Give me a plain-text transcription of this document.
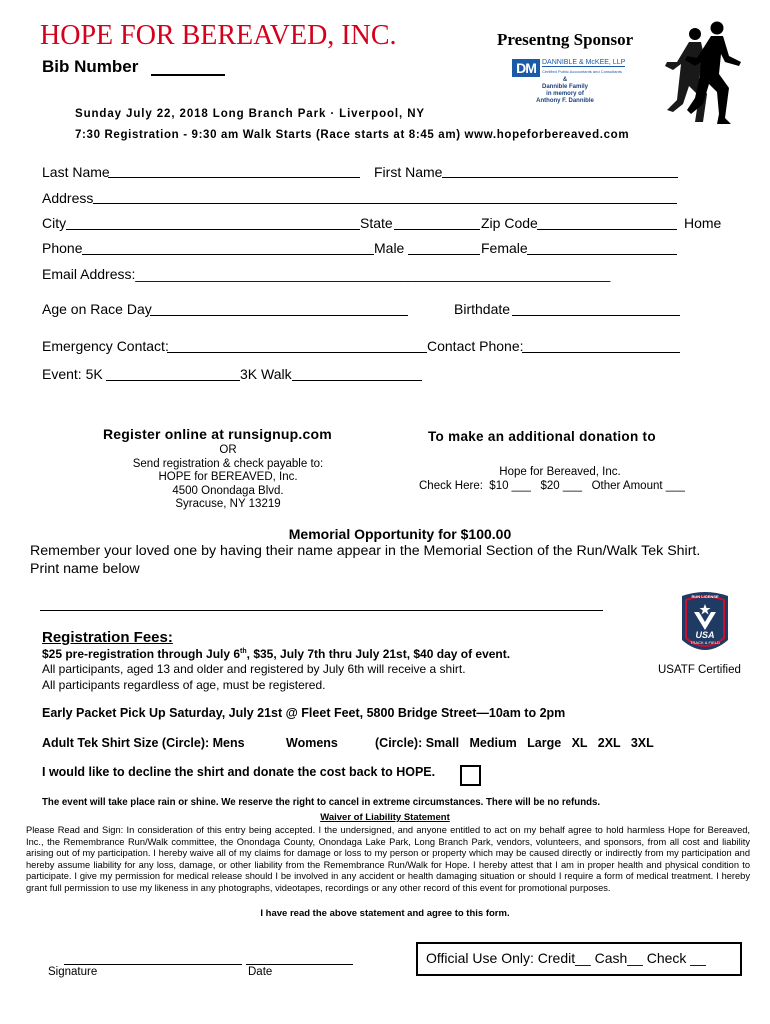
HOPE FOR BEREAVED, INC.	Presentng Sponsor
Bib Number	DM DANNIBLE & McKEE, LLP
Certified Public Accountants and Consultants
&
Dannible Family
in memory of
Anthony F. Dannible
Sunday July 22, 2018 Long Branch Park · Liverpool, NY
7:30 Registration - 9:30 am Walk Starts (Race starts at 8:45 am) www.hopeforbereaved.com
Last Name	First Name
Address
City	State	Zip Code	Home
Phone	Male	Female
Email Address:_____________________________________________________________
Age on Race Day	Birthdate
Emergency Contact:	Contact Phone:
Event: 5K	3K Walk
Register online at runsignup.com
OR
Send registration & check payable to:
HOPE for BEREAVED, Inc.
4500 Onondaga Blvd.
Syracuse, NY 13219
To make an additional donation to
Hope for Bereaved, Inc.
Check Here:  $10 ___   $20 ___   Other Amount ___
Memorial Opportunity for $100.00
Remember your loved one by having their name appear in the Memorial Section of the Run/Walk Tek Shirt.
Print name below
Registration Fees:
$25 pre-registration through July 6th, $35, July 7th thru July 21st, $40 day of event.
All participants, aged 13 and older and registered by July 6th will receive a shirt.
All participants regardless of age, must be registered.
RUN LICENSE
USA
TRACK & FIELD
USATF Certified
Early Packet Pick Up Saturday, July 21st @ Fleet Feet, 5800 Bridge Street—10am to 2pm
Adult Tek Shirt Size (Circle): Mens	Womens	(Circle): Small   Medium   Large   XL   2XL   3XL
I would like to decline the shirt and donate the cost back to HOPE.
The event will take place rain or shine. We reserve the right to cancel in extreme circumstances. There will be no refunds.
Waiver of Liability Statement
Please Read and Sign: In consideration of this entry being accepted. I the undersigned, and anyone entitled to act on my behalf agree to hold harmless Hope for Bereaved, Inc., the Remembrance Run/Walk committee, the Onondaga County, Onondaga Lake Park, Long Branch Park, vendors, volunteers, and sponsors, from all cost and liability arising out of my participation. I hereby waive all of my claims for damage or loss to my person or property which may be caused directly or indirectly from my participation and hereby assume liability for any loss, damage, or other liability from the Remembrance Run/Walk for Hope. I hereby attest that I am in proper health and physical condition to participate. I give my permission for medical release should I be involved in any accident or health damaging situation or should I require a form of medical treatment. I hereby grant full permission to use my likeness in any photographs, videotapes, recordings or any other record of this event for promotional purposes.
I have read the above statement and agree to this form.
Signature	Date
Official Use Only: Credit__ Cash__ Check __
